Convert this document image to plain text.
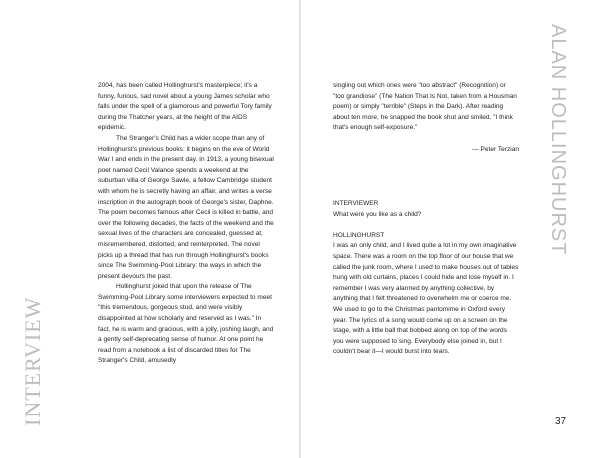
2004, has been called Hollinghurst's masterpiece; it's a funny, furious, sad novel about a young James scholar who falls under the spell of a glamorous and powerful Tory family during the Thatcher years, at the height of the AIDS epidemic.

The Stranger's Child has a wider scope than any of Hollinghurst's previous books: it begins on the eve of World War I and ends in the present day. In 1913, a young bisexual poet named Cecil Valance spends a weekend at the suburban villa of George Sawle, a fellow Cambridge student with whom he is secretly having an affair, and writes a verse inscription in the autograph book of George's sister, Daphne. The poem becomes famous after Cecil is killed in battle, and over the following decades, the facts of the weekend and the sexual lives of the characters are concealed, guessed at, misremembered, distorted, and reinterpreted. The novel picks up a thread that has run through Hollinghurst's books since The Swimming-Pool Library: the ways in which the present devours the past.

Hollinghurst joked that upon the release of The Swimming-Pool Library some interviewers expected to meet "this tremendous, gorgeous stud, and were visibly disappointed at how scholarly and reserved as I was." In fact, he is warm and gracious, with a jolly, joshing laugh, and a gently self-deprecating sense of humor. At one point he read from a notebook a list of discarded titles for The Stranger's Child, amusedly

INTERVIEW

singling out which ones were "too abstract" (Recognition) or "too grandiose" (The Nation That Is Not, taken from a Housman poem) or simply "terrible" (Steps in the Dark). After reading about ten more, he snapped the book shut and smiled. "I think that's enough self-exposure."

— Peter Terzian

INTERVIEWER

What were you like as a child?

HOLLINGHURST

I was an only child, and I lived quite a lot in my own imaginative space. There was a room on the top floor of our house that we called the junk room, where I used to make houses out of tables hung with old curtains, places I could hide and lose myself in. I remember I was very alarmed by anything collective, by anything that I felt threatened to overwhelm me or coerce me. We used to go to the Christmas pantomime in Oxford every year. The lyrics of a song would come up on a screen on the stage, with a little ball that bobbed along on top of the words you were supposed to sing. Everybody else joined in, but I couldn't bear it—I would burst into tears.

37
ALAN HOLLINGHURST
